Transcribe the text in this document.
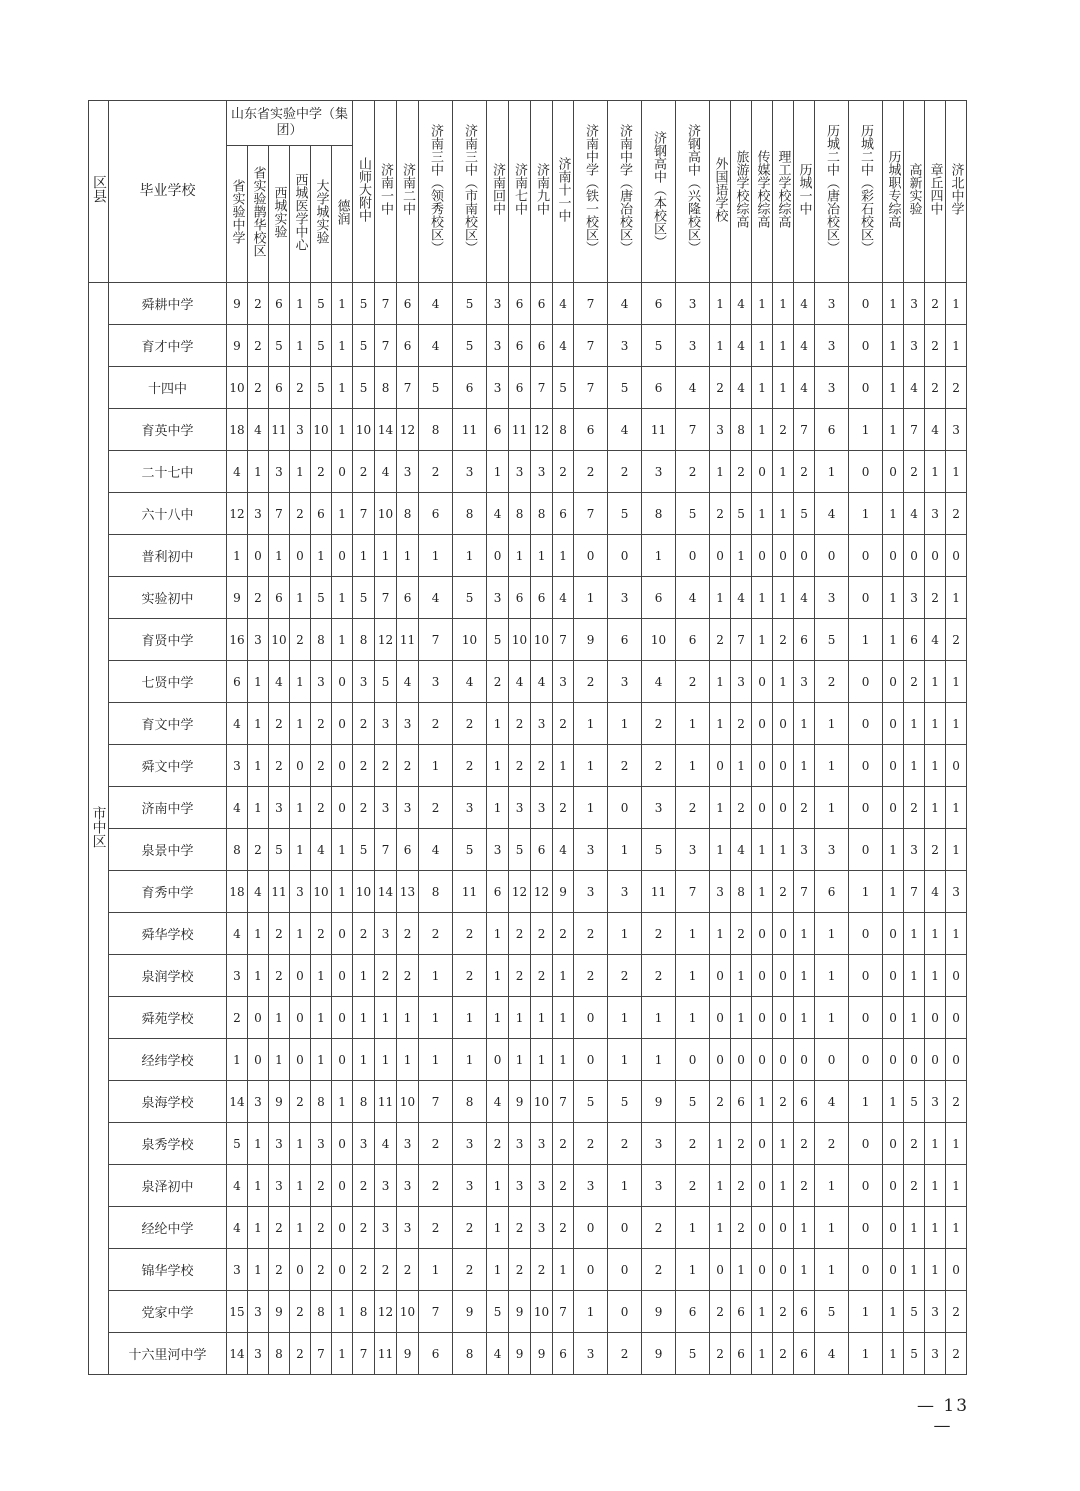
区县	毕业学校	山东省实验中学（集团）						山师大附中	济南一中	济南二中	济南三中（领秀校区）	济南三中（市南校区）	济南回中	济南七中	济南九中	济南十一中	济南中学（铁一校区）	济南中学（唐冶校区）	济钢高中（本校区）	济钢高中（兴隆校区）	外国语学校	旅游学校综高	传媒学校综高	理工学校综高	历城一中	历城二中（唐冶校区）	历城二中（彩石校区）	历城职专综高	高新实验	章丘四中	济北中学
		省实验中学	省实验鹊华校区	西城实验	西城医学中心	大学城实验	德润																								
市中区	舜耕中学	9	2	6	1	5	1	5	7	6	4	5	3	6	6	4	7	4	6	3	1	4	1	1	4	3	0	1	3	2	1
	育才中学	9	2	5	1	5	1	5	7	6	4	5	3	6	6	4	7	3	5	3	1	4	1	1	4	3	0	1	3	2	1
	十四中	10	2	6	2	5	1	5	8	7	5	6	3	6	7	5	7	5	6	4	2	4	1	1	4	3	0	1	4	2	2
	育英中学	18	4	11	3	10	1	10	14	12	8	11	6	11	12	8	6	4	11	7	3	8	1	2	7	6	1	1	7	4	3
	二十七中	4	1	3	1	2	0	2	4	3	2	3	1	3	3	2	2	2	3	2	1	2	0	1	2	1	0	0	2	1	1
	六十八中	12	3	7	2	6	1	7	10	8	6	8	4	8	8	6	7	5	8	5	2	5	1	1	5	4	1	1	4	3	2
	普利初中	1	0	1	0	1	0	1	1	1	1	1	0	1	1	1	0	0	1	0	0	1	0	0	0	0	0	0	0	0	0
	实验初中	9	2	6	1	5	1	5	7	6	4	5	3	6	6	4	1	3	6	4	1	4	1	1	4	3	0	1	3	2	1
	育贤中学	16	3	10	2	8	1	8	12	11	7	10	5	10	10	7	9	6	10	6	2	7	1	2	6	5	1	1	6	4	2
	七贤中学	6	1	4	1	3	0	3	5	4	3	4	2	4	4	3	2	3	4	2	1	3	0	1	3	2	0	0	2	1	1
	育文中学	4	1	2	1	2	0	2	3	3	2	2	1	2	3	2	1	1	2	1	1	2	0	0	1	1	0	0	1	1	1
	舜文中学	3	1	2	0	2	0	2	2	2	1	2	1	2	2	1	1	2	2	1	0	1	0	0	1	1	0	0	1	1	0
	济南中学	4	1	3	1	2	0	2	3	3	2	3	1	3	3	2	1	0	3	2	1	2	0	0	2	1	0	0	2	1	1
	泉景中学	8	2	5	1	4	1	5	7	6	4	5	3	5	6	4	3	1	5	3	1	4	1	1	3	3	0	1	3	2	1
	育秀中学	18	4	11	3	10	1	10	14	13	8	11	6	12	12	9	3	3	11	7	3	8	1	2	7	6	1	1	7	4	3
	舜华学校	4	1	2	1	2	0	2	3	2	2	2	1	2	2	2	2	1	2	1	1	2	0	0	1	1	0	0	1	1	1
	泉润学校	3	1	2	0	1	0	1	2	2	1	2	1	2	2	1	2	2	2	1	0	1	0	0	1	1	0	0	1	1	0
	舜苑学校	2	0	1	0	1	0	1	1	1	1	1	1	1	1	1	0	1	1	1	0	1	0	0	1	1	0	0	1	0	0
	经纬学校	1	0	1	0	1	0	1	1	1	1	1	0	1	1	1	0	1	1	0	0	0	0	0	0	0	0	0	0	0	0
	泉海学校	14	3	9	2	8	1	8	11	10	7	8	4	9	10	7	5	5	9	5	2	6	1	2	6	4	1	1	5	3	2
	泉秀学校	5	1	3	1	3	0	3	4	3	2	3	2	3	3	2	2	2	3	2	1	2	0	1	2	2	0	0	2	1	1
	泉泽初中	4	1	3	1	2	0	2	3	3	2	3	1	3	3	2	3	1	3	2	1	2	0	1	2	1	0	0	2	1	1
	经纶中学	4	1	2	1	2	0	2	3	3	2	2	1	2	3	2	0	0	2	1	1	2	0	0	1	1	0	0	1	1	1
	锦华学校	3	1	2	0	2	0	2	2	2	1	2	1	2	2	1	0	0	2	1	0	1	0	0	1	1	0	0	1	1	0
	党家中学	15	3	9	2	8	1	8	12	10	7	9	5	9	10	7	1	0	9	6	2	6	1	2	6	5	1	1	5	3	2
	十六里河中学	14	3	8	2	7	1	7	11	9	6	8	4	9	9	6	3	2	9	5	2	6	1	2	6	4	1	1	5	3	2
— 13 —
